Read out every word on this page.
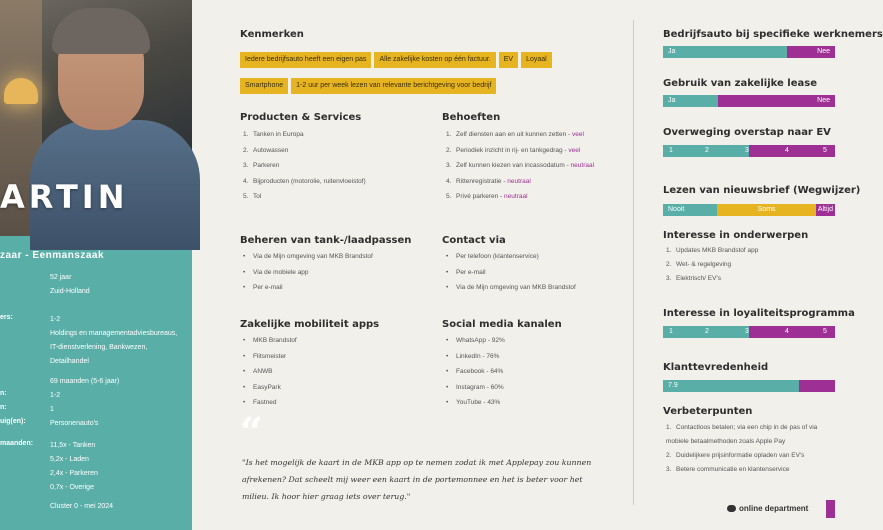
ARTIN
zaar - Eenmanszaak
52 jaar
Zuid-Holland
ers:	1-2
Holdings en managementadviesbureaus,
IT-dienstverlening, Bankwezen,
Detailhandel
69 maanden (5-6 jaar)
n:	1-2
n:	1
uig(en):	Personenauto's
maanden: 11,5x - Tanken
5,2x - Laden
2,4x - Parkeren
0,7x - Overige
Cluster 0 - mei 2024
Kenmerken
Iedere bedrijfsauto heeft een eigen pas Alle zakelijke kosten op één factuur. EV LoyaalSmartphone 1-2 uur per week lezen van relevante berichtgeving voor bedrijf
Producten & Services
1. Tanken in Europa
2. Autowassen
3. Parkeren
4. Bijproducten (motorolie, ruitenvloeistof)
5. Tol
Behoeften
1. Zelf diensten aan en uit kunnen zetten - veel
2. Periodiek inzicht in rij- en tankgedrag - veel
3. Zelf kunnen kiezen van incassodatum - neutraal
4. Rittenregistratie - neutraal
5. Privé parkeren - neutraal
Beheren van tank-/laadpassen
• Via de Mijn omgeving van MKB Brandstof
• Via de mobiele app
• Per e-mail
Contact via
• Per telefoon (klantenservice)
• Per e-mail
• Via de Mijn omgeving van MKB Brandstof
Zakelijke mobiliteit apps
• MKB Brandstof
• Flitsmeister
• ANWB
• EasyPark
• Fastned
Social media kanalen
• WhatsApp - 92%
• LinkedIn - 76%
• Facebook - 64%
• Instagram - 60%
• YouTube - 43%
“
"Is het mogelijk de kaart in de MKB app op te nemen zodat ik met Applepay zou kunnen afrekenen? Dat scheelt mij weer een kaart in de portemonnee en het is beter voor het milieu. Ik hoor hier graag iets over terug."
Bedrijfsauto bij specifieke werknemers
Ja	Nee
Gebruik van zakelijke lease
Ja	Nee
Overweging overstap naar EV
1	2	3	4	5
Lezen van nieuwsbrief (Wegwijzer)
Nooit	Soms	Altijd
Interesse in onderwerpen
1. Updates MKB Brandstof app
2. Wet- & regelgeving
3. Elektrisch/ EV's
Interesse in loyaliteitsprogramma
1	2	3	4	5
Klanttevredenheid
7.9
Verbeterpunten
1. Contactloos betalen; via een chip in de pas of via mobiele betaalmethoden zoals Apple Pay
2. Duidelijkere prijsinformatie opladen van EV's
3. Betere communicatie en klantenservice
online department
